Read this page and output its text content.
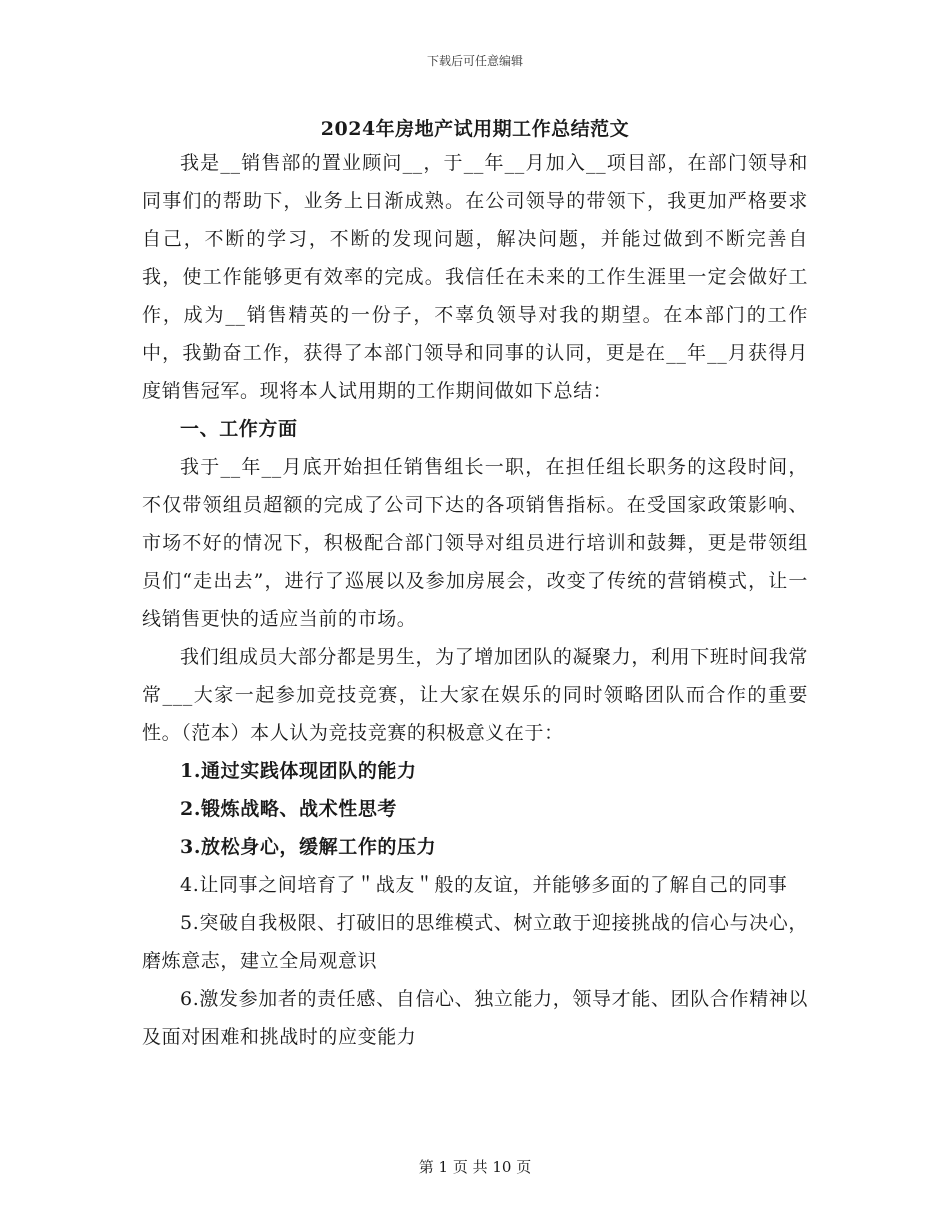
下载后可任意编辑
2024年房地产试用期工作总结范文

我是__销售部的置业顾问__，于__年__月加入__项目部，在部门领导和同事们的帮助下，业务上日渐成熟。在公司领导的带领下，我更加严格要求自己，不断的学习，不断的发现问题，解决问题，并能过做到不断完善自我，使工作能够更有效率的完成。我信任在未来的工作生涯里一定会做好工作，成为__销售精英的一份子，不辜负领导对我的期望。在本部门的工作中，我勤奋工作，获得了本部门领导和同事的认同，更是在__年__月获得月度销售冠军。现将本人试用期的工作期间做如下总结：

一、工作方面

我于__年__月底开始担任销售组长一职，在担任组长职务的这段时间，不仅带领组员超额的完成了公司下达的各项销售指标。在受国家政策影响、市场不好的情况下，积极配合部门领导对组员进行培训和鼓舞，更是带领组员们“走出去”，进行了巡展以及参加房展会，改变了传统的营销模式，让一线销售更快的适应当前的市场。

我们组成员大部分都是男生，为了增加团队的凝聚力，利用下班时间我常常___大家一起参加竞技竞赛，让大家在娱乐的同时领略团队而合作的重要性。（范本）本人认为竞技竞赛的积极意义在于：

1.通过实践体现团队的能力

2.锻炼战略、战术性思考

3.放松身心，缓解工作的压力

4.让同事之间培育了＂战友＂般的友谊，并能够多面的了解自己的同事

5.突破自我极限、打破旧的思维模式、树立敢于迎接挑战的信心与决心，磨炼意志，建立全局观意识

6.激发参加者的责任感、自信心、独立能力，领导才能、团队合作精神以及面对困难和挑战时的应变能力

第 1 页 共 10 页
